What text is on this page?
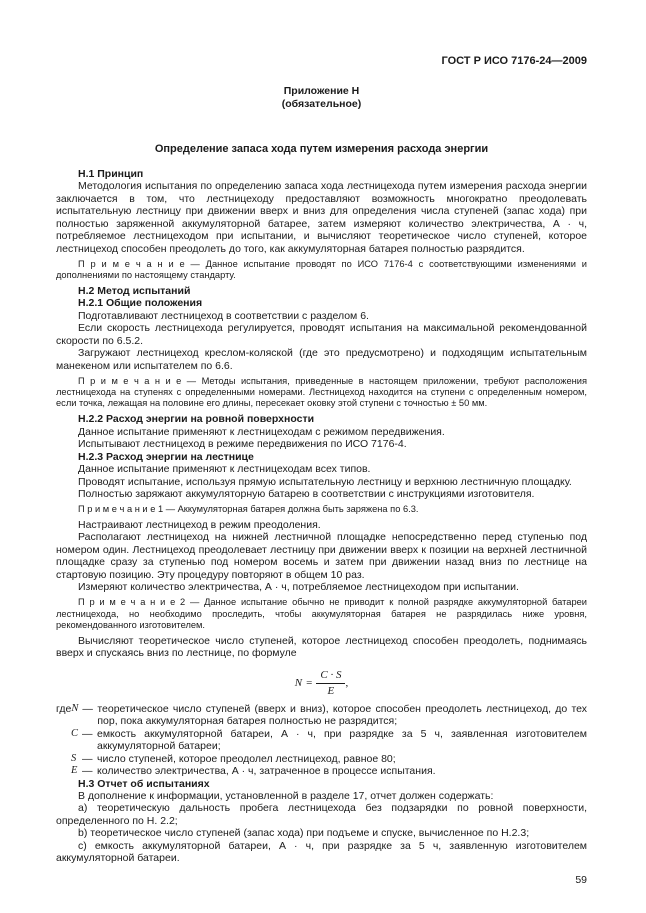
ГОСТ Р ИСО 7176-24—2009
Приложение Н
(обязательное)
Определение запаса хода путем измерения расхода энергии
Н.1 Принцип
Методология испытания по определению запаса хода лестницехода путем измерения расхода энергии заключается в том, что лестницеходу предоставляют возможность многократно преодолевать испытательную лестницу при движении вверх и вниз для определения числа ступеней (запас хода) при полностью заряженной аккумуляторной батарее, затем измеряют количество электричества, А · ч, потребляемое лестницеходом при испытании, и вычисляют теоретическое число ступеней, которое лестницеход способен преодолеть до того, как аккумуляторная батарея полностью разрядится.
П р и м е ч а н и е — Данное испытание проводят по ИСО 7176-4 с соответствующими изменениями и дополнениями по настоящему стандарту.
Н.2 Метод испытаний
Н.2.1 Общие положения
Подготавливают лестницеход в соответствии с разделом 6.
Если скорость лестницехода регулируется, проводят испытания на максимальной рекомендованной скорости по 6.5.2.
Загружают лестницеход креслом-коляской (где это предусмотрено) и подходящим испытательным манекеном или испытателем по 6.6.
П р и м е ч а н и е — Методы испытания, приведенные в настоящем приложении, требуют расположения лестницехода на ступенях с определенными номерами. Лестницеход находится на ступени с определенным номером, если точка, лежащая на половине его длины, пересекает оковку этой ступени с точностью ± 50 мм.
Н.2.2 Расход энергии на ровной поверхности
Данное испытание применяют к лестницеходам с режимом передвижения.
Испытывают лестницеход в режиме передвижения по ИСО 7176-4.
Н.2.3 Расход энергии на лестнице
Данное испытание применяют к лестницеходам всех типов.
Проводят испытание, используя прямую испытательную лестницу и верхнюю лестничную площадку.
Полностью заряжают аккумуляторную батарею в соответствии с инструкциями изготовителя.
П р и м е ч а н и е 1 — Аккумуляторная батарея должна быть заряжена по 6.3.
Настраивают лестницеход в режим преодоления.
Располагают лестницеход на нижней лестничной площадке непосредственно перед ступенью под номером один. Лестницеход преодолевает лестницу при движении вверх к позиции на верхней лестничной площадке сразу за ступенью под номером восемь и затем при движении назад вниз по лестнице на стартовую позицию. Эту процедуру повторяют в общем 10 раз.
Измеряют количество электричества, А · ч, потребляемое лестницеходом при испытании.
П р и м е ч а н и е 2 — Данное испытание обычно не приводит к полной разрядке аккумуляторной батареи лестницехода, но необходимо проследить, чтобы аккумуляторная батарея не разрядилась ниже уровня, рекомендованного изготовителем.
Вычисляют теоретическое число ступеней, которое лестницеход способен преодолеть, поднимаясь вверх и спускаясь вниз по лестнице, по формуле
$N = \frac{C \cdot S}{E}$ ,
где N — теоретическое число ступеней (вверх и вниз), которое способен преодолеть лестницеход, до тех пор, пока аккумуляторная батарея полностью не разрядится;
C — емкость аккумуляторной батареи, А · ч, при разрядке за 5 ч, заявленная изготовителем аккумуляторной батареи;
S — число ступеней, которое преодолел лестницеход, равное 80;
E — количество электричества, А · ч, затраченное в процессе испытания.
Н.3 Отчет об испытаниях
В дополнение к информации, установленной в разделе 17, отчет должен содержать:
a) теоретическую дальность пробега лестницехода без подзарядки по ровной поверхности, определенного по Н. 2.2;
b) теоретическое число ступеней (запас хода) при подъеме и спуске, вычисленное по Н.2.3;
c) емкость аккумуляторной батареи, А · ч, при разрядке за 5 ч, заявленную изготовителем аккумуляторной батареи.
59
